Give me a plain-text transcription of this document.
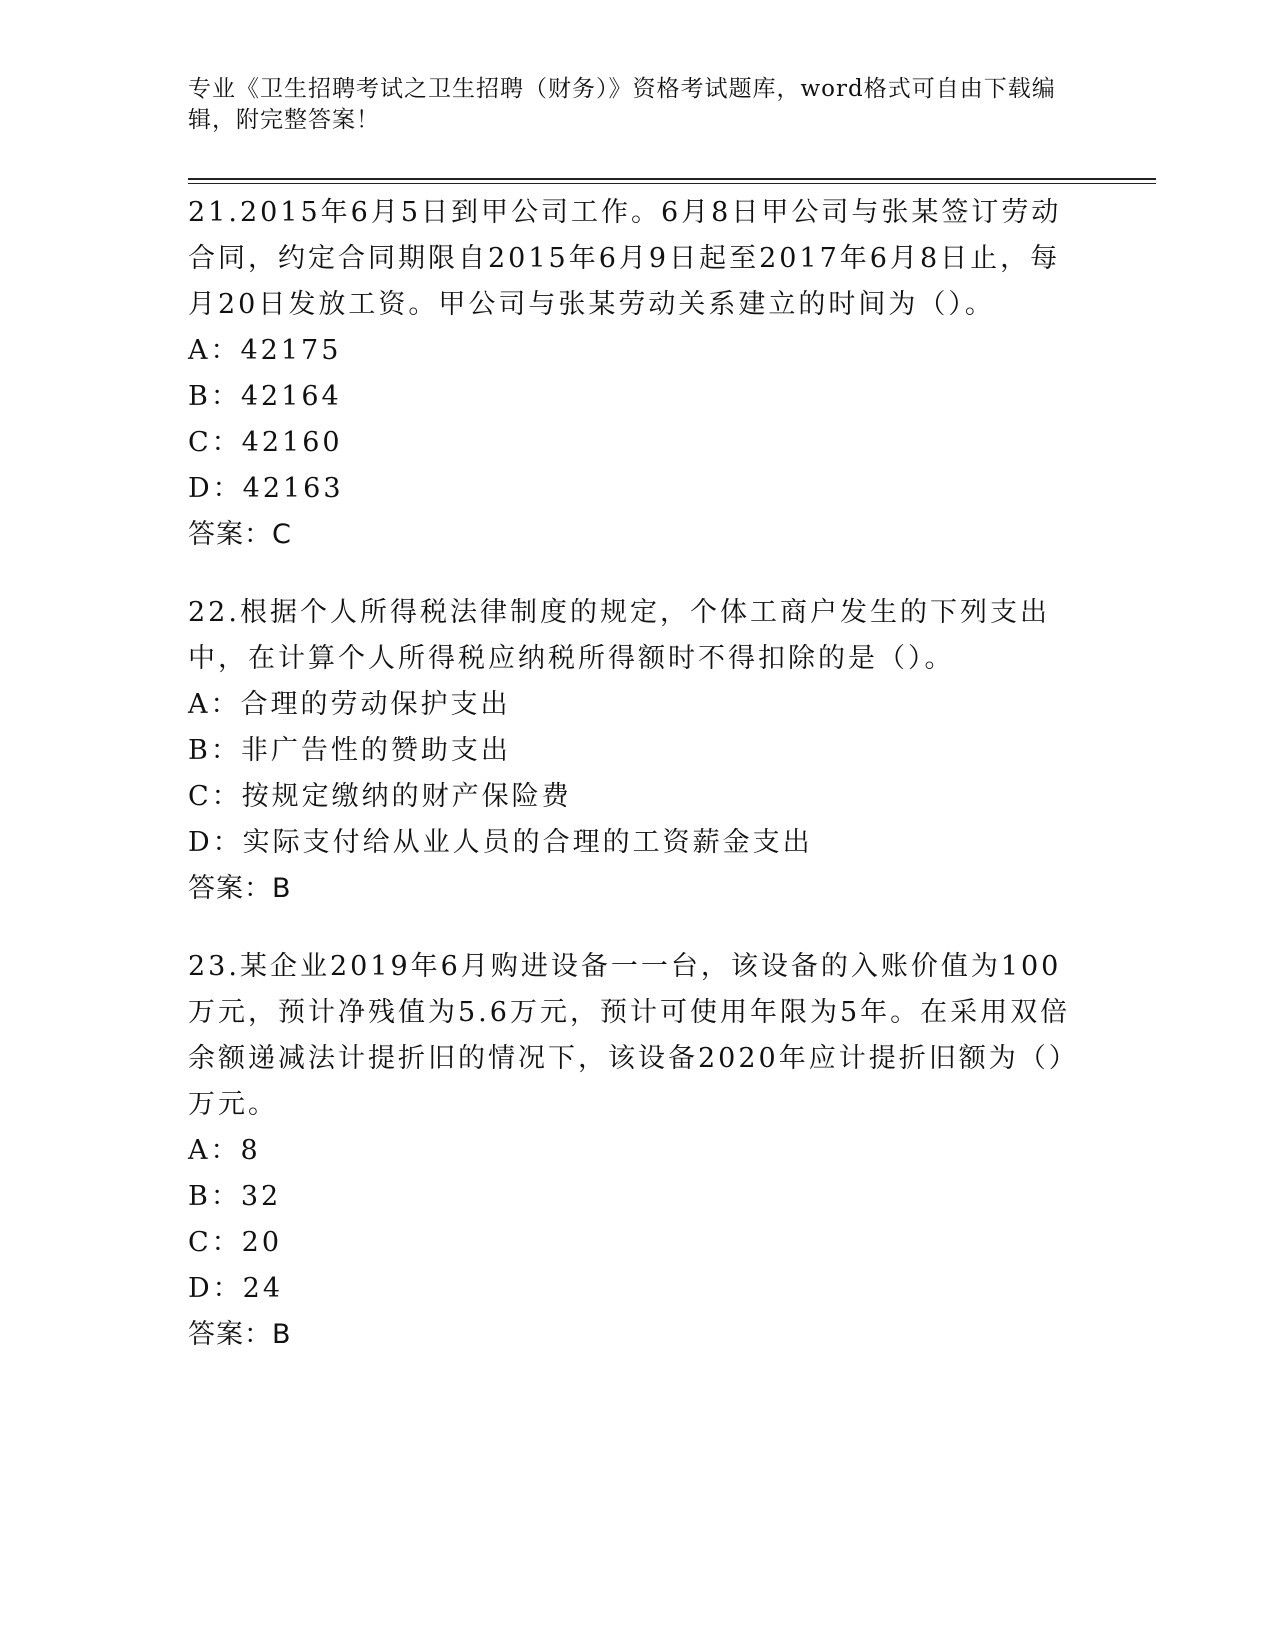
专业《卫生招聘考试之卫生招聘（财务）》资格考试题库，word格式可自由下载编辑，附完整答案！
21.2015年6月5日到甲公司工作。6月8日甲公司与张某签订劳动合同，约定合同期限自2015年6月9日起至2017年6月8日止，每月20日发放工资。甲公司与张某劳动关系建立的时间为（）。
A：42175
B：42164
C：42160
D：42163
答案：C
22.根据个人所得税法律制度的规定，个体工商户发生的下列支出中，在计算个人所得税应纳税所得额时不得扣除的是（）。
A：合理的劳动保护支出
B：非广告性的赞助支出
C：按规定缴纳的财产保险费
D：实际支付给从业人员的合理的工资薪金支出
答案：B
23.某企业2019年6月购进设备一一台，该设备的入账价值为100万元，预计净残值为5.6万元，预计可使用年限为5年。在采用双倍余额递减法计提折旧的情况下，该设备2020年应计提折旧额为（）万元。
A：8
B：32
C：20
D：24
答案：B
